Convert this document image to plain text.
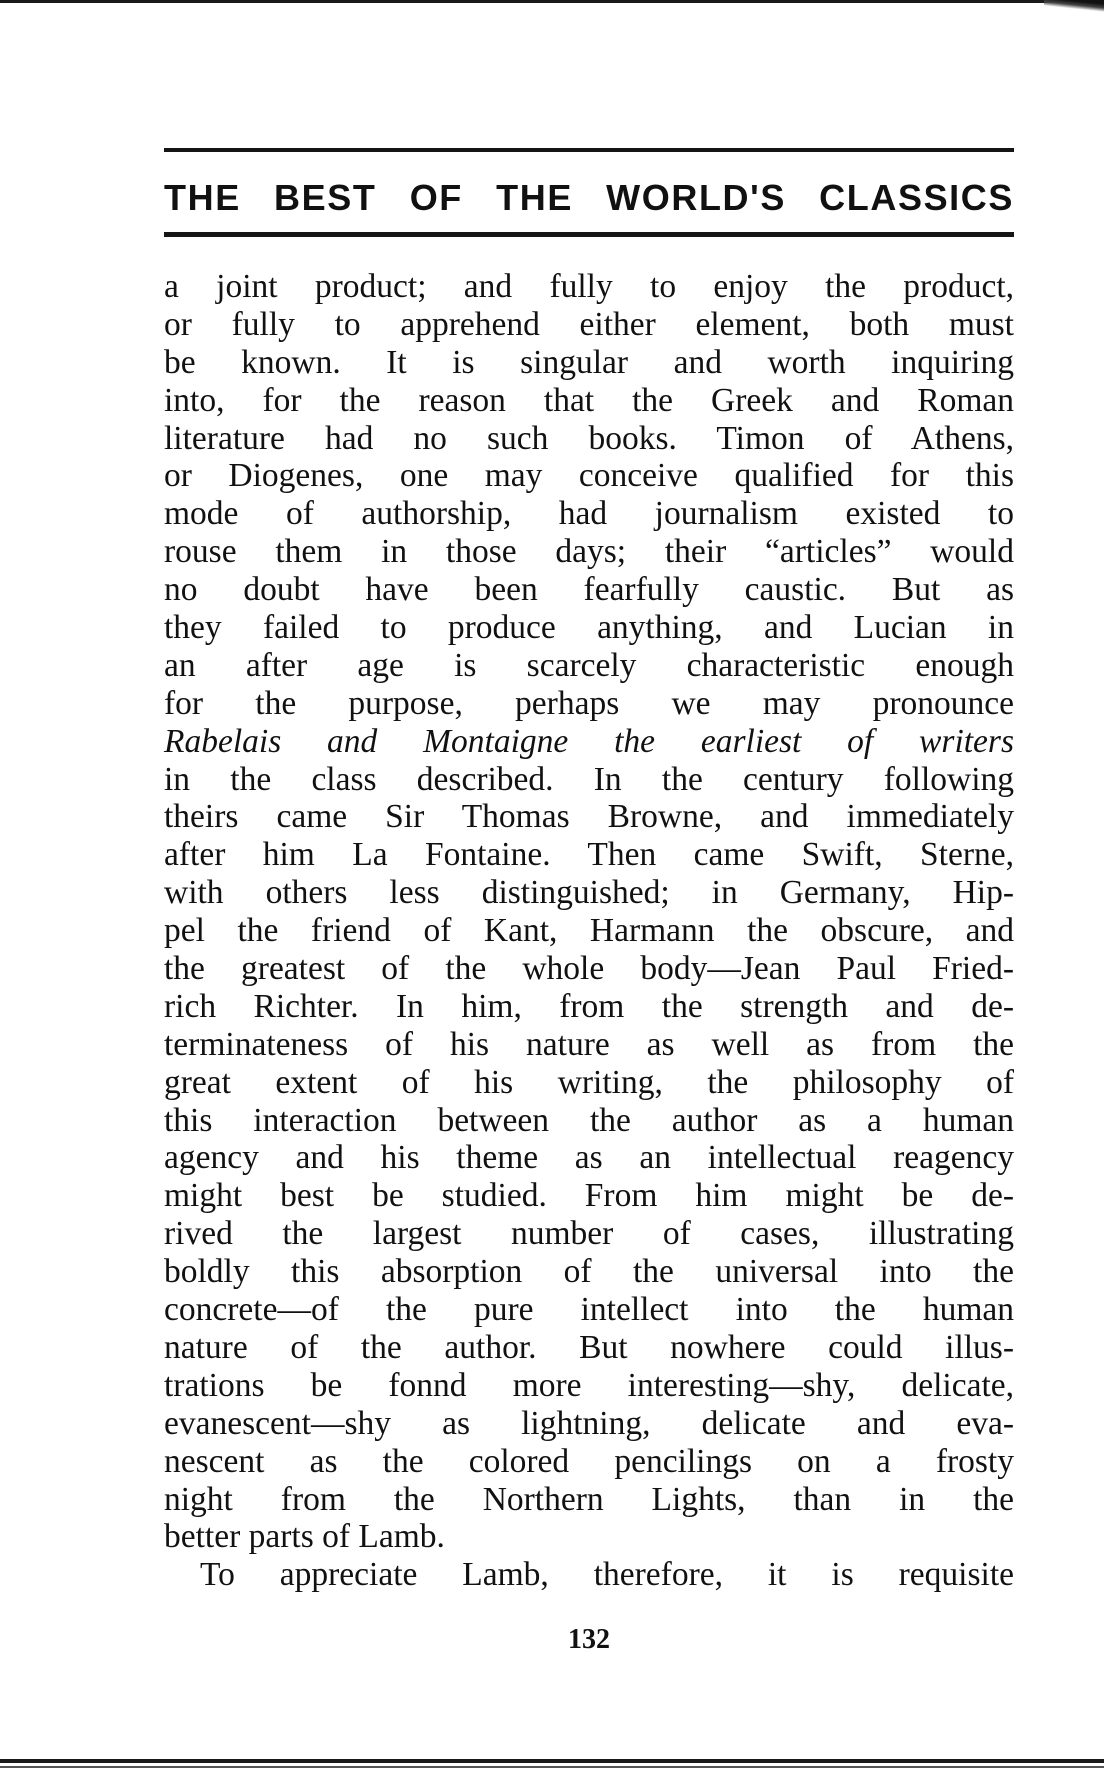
THE BEST OF THE WORLD'S CLASSICS
a joint product; and fully to enjoy the product,
or fully to apprehend either element, both must
be known. It is singular and worth inquiring
into, for the reason that the Greek and Roman
literature had no such books. Timon of Athens,
or Diogenes, one may conceive qualified for this
mode of authorship, had journalism existed to
rouse them in those days; their “articles” would
no doubt have been fearfully caustic. But as
they failed to produce anything, and Lucian in
an after age is scarcely characteristic enough
for the purpose, perhaps we may pronounce
Rabelais and Montaigne the earliest of writers
in the class described. In the century following
theirs came Sir Thomas Browne, and immediately
after him La Fontaine. Then came Swift, Sterne,
with others less distinguished; in Germany, Hip-
pel the friend of Kant, Harmann the obscure, and
the greatest of the whole body—Jean Paul Fried-
rich Richter. In him, from the strength and de-
terminateness of his nature as well as from the
great extent of his writing, the philosophy of
this interaction between the author as a human
agency and his theme as an intellectual reagency
might best be studied. From him might be de-
rived the largest number of cases, illustrating
boldly this absorption of the universal into the
concrete—of the pure intellect into the human
nature of the author. But nowhere could illus-
trations be fonnd more interesting—shy, delicate,
evanescent—shy as lightning, delicate and eva-
nescent as the colored pencilings on a frosty
night from the Northern Lights, than in the
better parts of Lamb.
To appreciate Lamb, therefore, it is requisite

132
